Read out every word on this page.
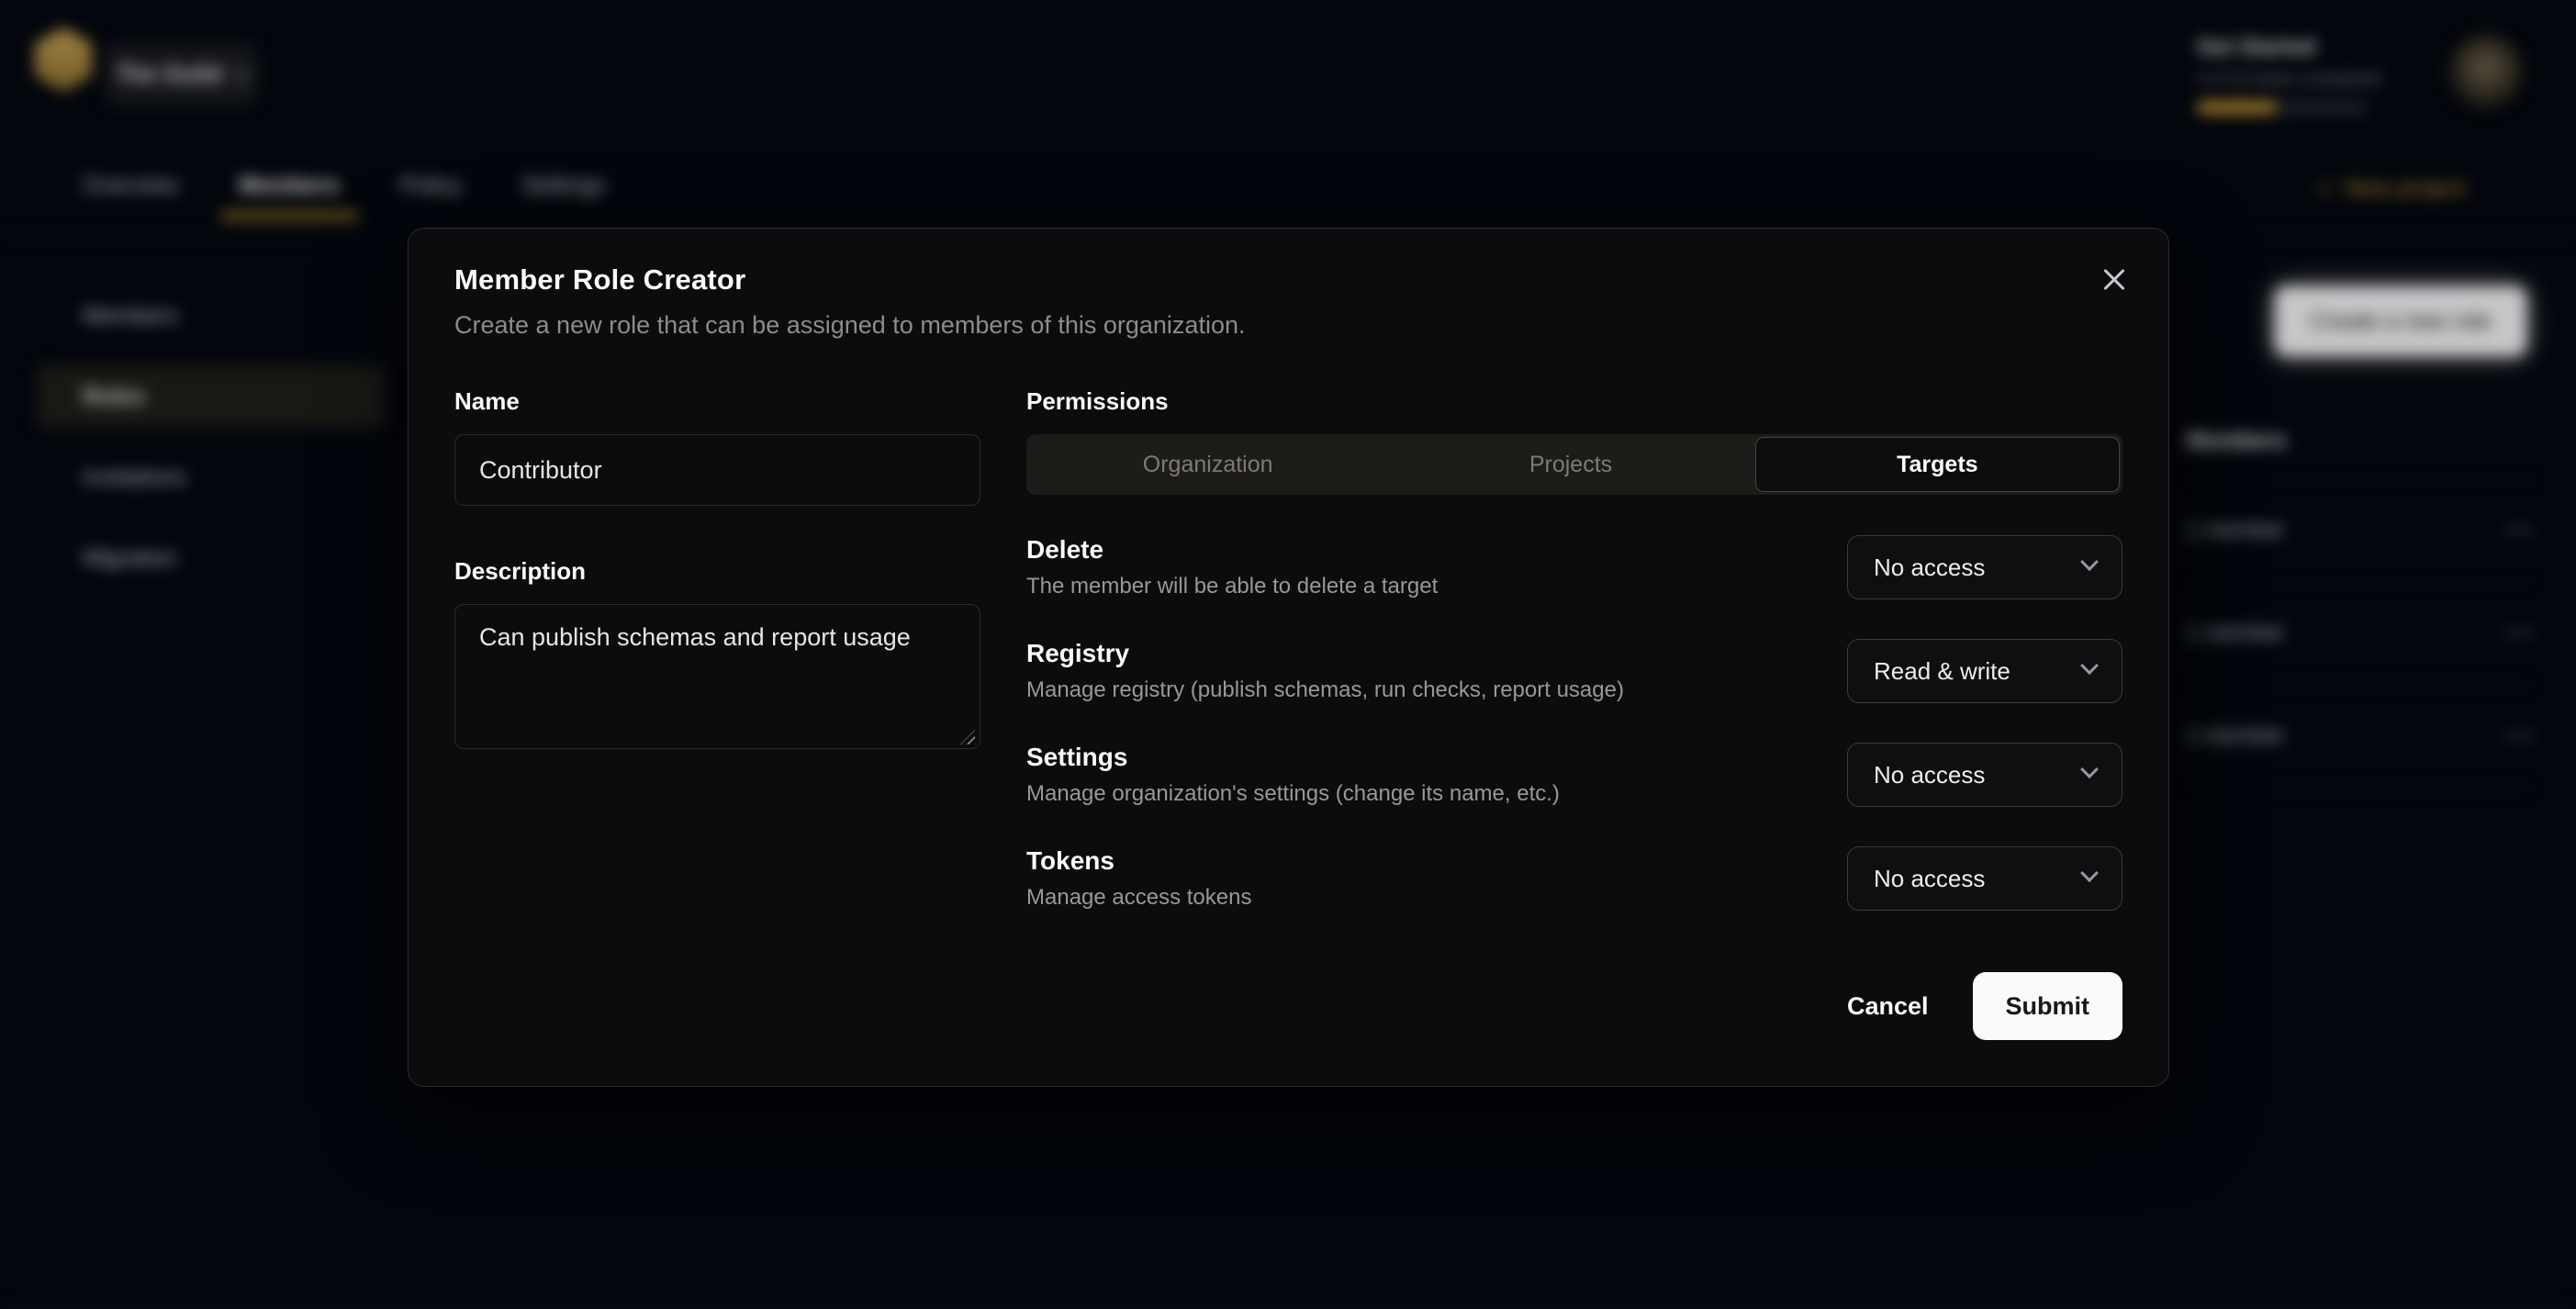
The Guild
Get Started
4 of 10 tasks completed
Overview	Members	Policy	Settings	+ New project
Members
Roles
Invitations
Migration
Create a new role
Members
1 member	•••
1 member	•••
1 member	•••
Member Role Creator
Create a new role that can be assigned to members of this organization.
Name
Contributor
Description
Can publish schemas and report usage
Permissions
Organization	Projects	Targets
Delete
The member will be able to delete a target
No access
Registry
Manage registry (publish schemas, run checks, report usage)
Read & write
Settings
Manage organization's settings (change its name, etc.)
No access
Tokens
Manage access tokens
No access
Cancel	Submit
